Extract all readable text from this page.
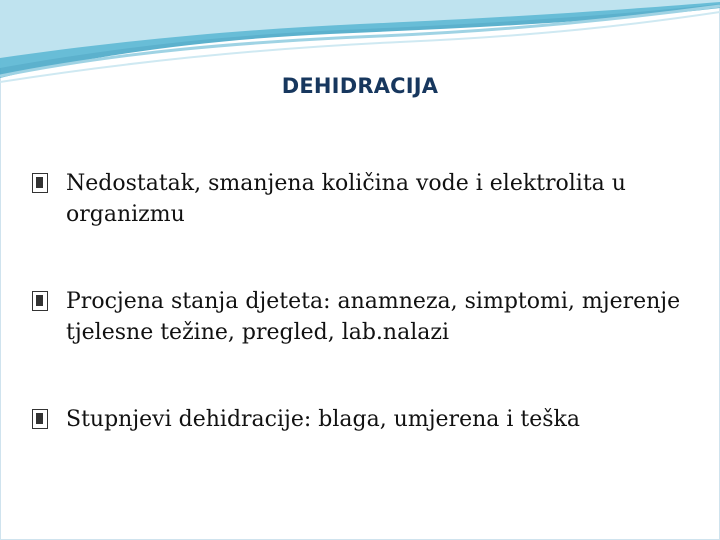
DEHIDRACIJA
Nedostatak, smanjena količina vode i elektrolita u organizmu
Procjena stanja djeteta: anamneza, simptomi, mjerenje tjelesne težine, pregled, lab.nalazi
Stupnjevi dehidracije: blaga, umjerena i teška
